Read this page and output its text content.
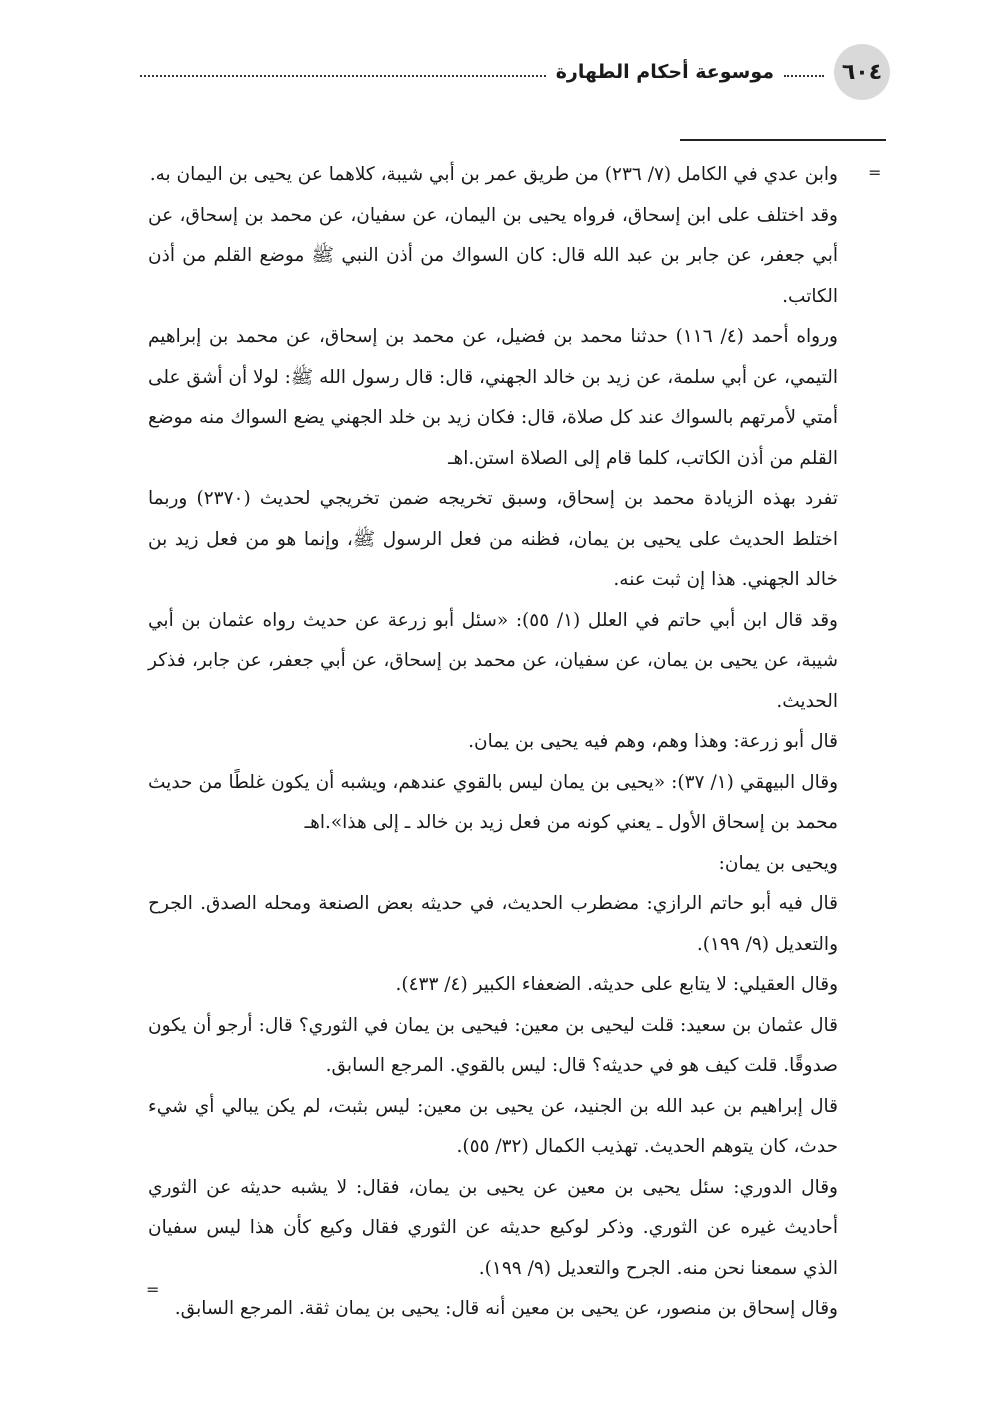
موسوعة أحكام الطهارة	٦٠٤
=

وابن عدي في الكامل (٧/ ٢٣٦) من طريق عمر بن أبي شيبة، كلاهما عن يحيى بن اليمان به.

وقد اختلف على ابن إسحاق، فرواه يحيى بن اليمان، عن سفيان، عن محمد بن إسحاق، عن أبي جعفر، عن جابر بن عبد الله قال: كان السواك من أذن النبي ﷺ موضع القلم من أذن الكاتب.

ورواه أحمد (٤/ ١١٦) حدثنا محمد بن فضيل، عن محمد بن إسحاق، عن محمد بن إبراهيم التيمي، عن أبي سلمة، عن زيد بن خالد الجهني، قال: قال رسول الله ﷺ: لولا أن أشق على أمتي لأمرتهم بالسواك عند كل صلاة، قال: فكان زيد بن خلد الجهني يضع السواك منه موضع القلم من أذن الكاتب، كلما قام إلى الصلاة استن.اهـ

تفرد بهذه الزيادة محمد بن إسحاق، وسبق تخريجه ضمن تخريجي لحديث (٢٣٧٠) وربما اختلط الحديث على يحيى بن يمان، فظنه من فعل الرسول ﷺ، وإنما هو من فعل زيد بن خالد الجهني. هذا إن ثبت عنه.

وقد قال ابن أبي حاتم في العلل (١/ ٥٥): «سئل أبو زرعة عن حديث رواه عثمان بن أبي شيبة، عن يحيى بن يمان، عن سفيان، عن محمد بن إسحاق، عن أبي جعفر، عن جابر، فذكر الحديث.

قال أبو زرعة: وهذا وهم، وهم فيه يحيى بن يمان.

وقال البيهقي (١/ ٣٧): «يحيى بن يمان ليس بالقوي عندهم، ويشبه أن يكون غلطًا من حديث محمد بن إسحاق الأول ـ يعني كونه من فعل زيد بن خالد ـ إلى هذا».اهـ

ويحيى بن يمان:

قال فيه أبو حاتم الرازي: مضطرب الحديث، في حديثه بعض الصنعة ومحله الصدق. الجرح والتعديل (٩/ ١٩٩).

وقال العقيلي: لا يتابع على حديثه. الضعفاء الكبير (٤/ ٤٣٣).

قال عثمان بن سعيد: قلت ليحيى بن معين: فيحيى بن يمان في الثوري؟ قال: أرجو أن يكون صدوقًا. قلت كيف هو في حديثه؟ قال: ليس بالقوي. المرجع السابق.

قال إبراهيم بن عبد الله بن الجنيد، عن يحيى بن معين: ليس بثبت، لم يكن يبالي أي شيء حدث، كان يتوهم الحديث. تهذيب الكمال (٣٢/ ٥٥).

وقال الدوري: سئل يحيى بن معين عن يحيى بن يمان، فقال: لا يشبه حديثه عن الثوري أحاديث غيره عن الثوري. وذكر لوكيع حديثه عن الثوري فقال وكيع كأن هذا ليس سفيان الذي سمعنا نحن منه. الجرح والتعديل (٩/ ١٩٩).

وقال إسحاق بن منصور، عن يحيى بن معين أنه قال: يحيى بن يمان ثقة. المرجع السابق.

=
